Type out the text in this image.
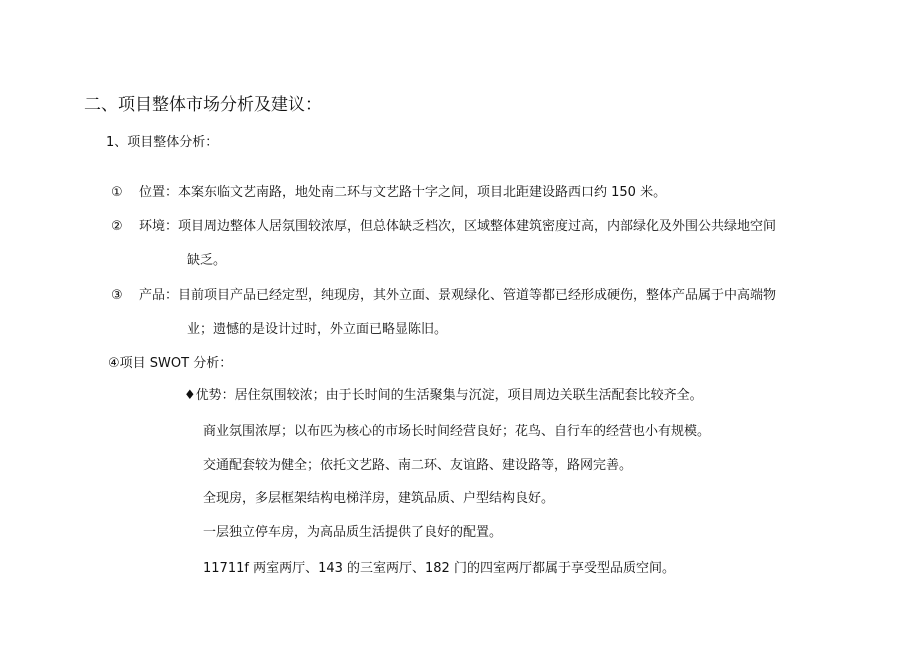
二、项目整体市场分析及建议：
1、项目整体分析：
① 位置：本案东临文艺南路，地处南二环与文艺路十字之间，项目北距建设路西口约 150 米。
② 环境：项目周边整体人居氛围较浓厚，但总体缺乏档次，区域整体建筑密度过高，内部绿化及外围公共绿地空间
缺乏。
③ 产品：目前项目产品已经定型，纯现房，其外立面、景观绿化、管道等都已经形成硬伤，整体产品属于中高端物
业；遗憾的是设计过时，外立面已略显陈旧。
④项目 SWOT 分析：
♦优势：居住氛围较浓；由于长时间的生活聚集与沉淀，项目周边关联生活配套比较齐全。
商业氛围浓厚；以布匹为核心的市场长时间经营良好；花鸟、自行车的经营也小有规模。
交通配套较为健全；依托文艺路、南二环、友谊路、建设路等，路网完善。
全现房，多层框架结构电梯洋房，建筑品质、户型结构良好。
一层独立停车房，为高品质生活提供了良好的配置。
11711f 两室两厅、143 的三室两厅、182 门的四室两厅都属于享受型品质空间。
